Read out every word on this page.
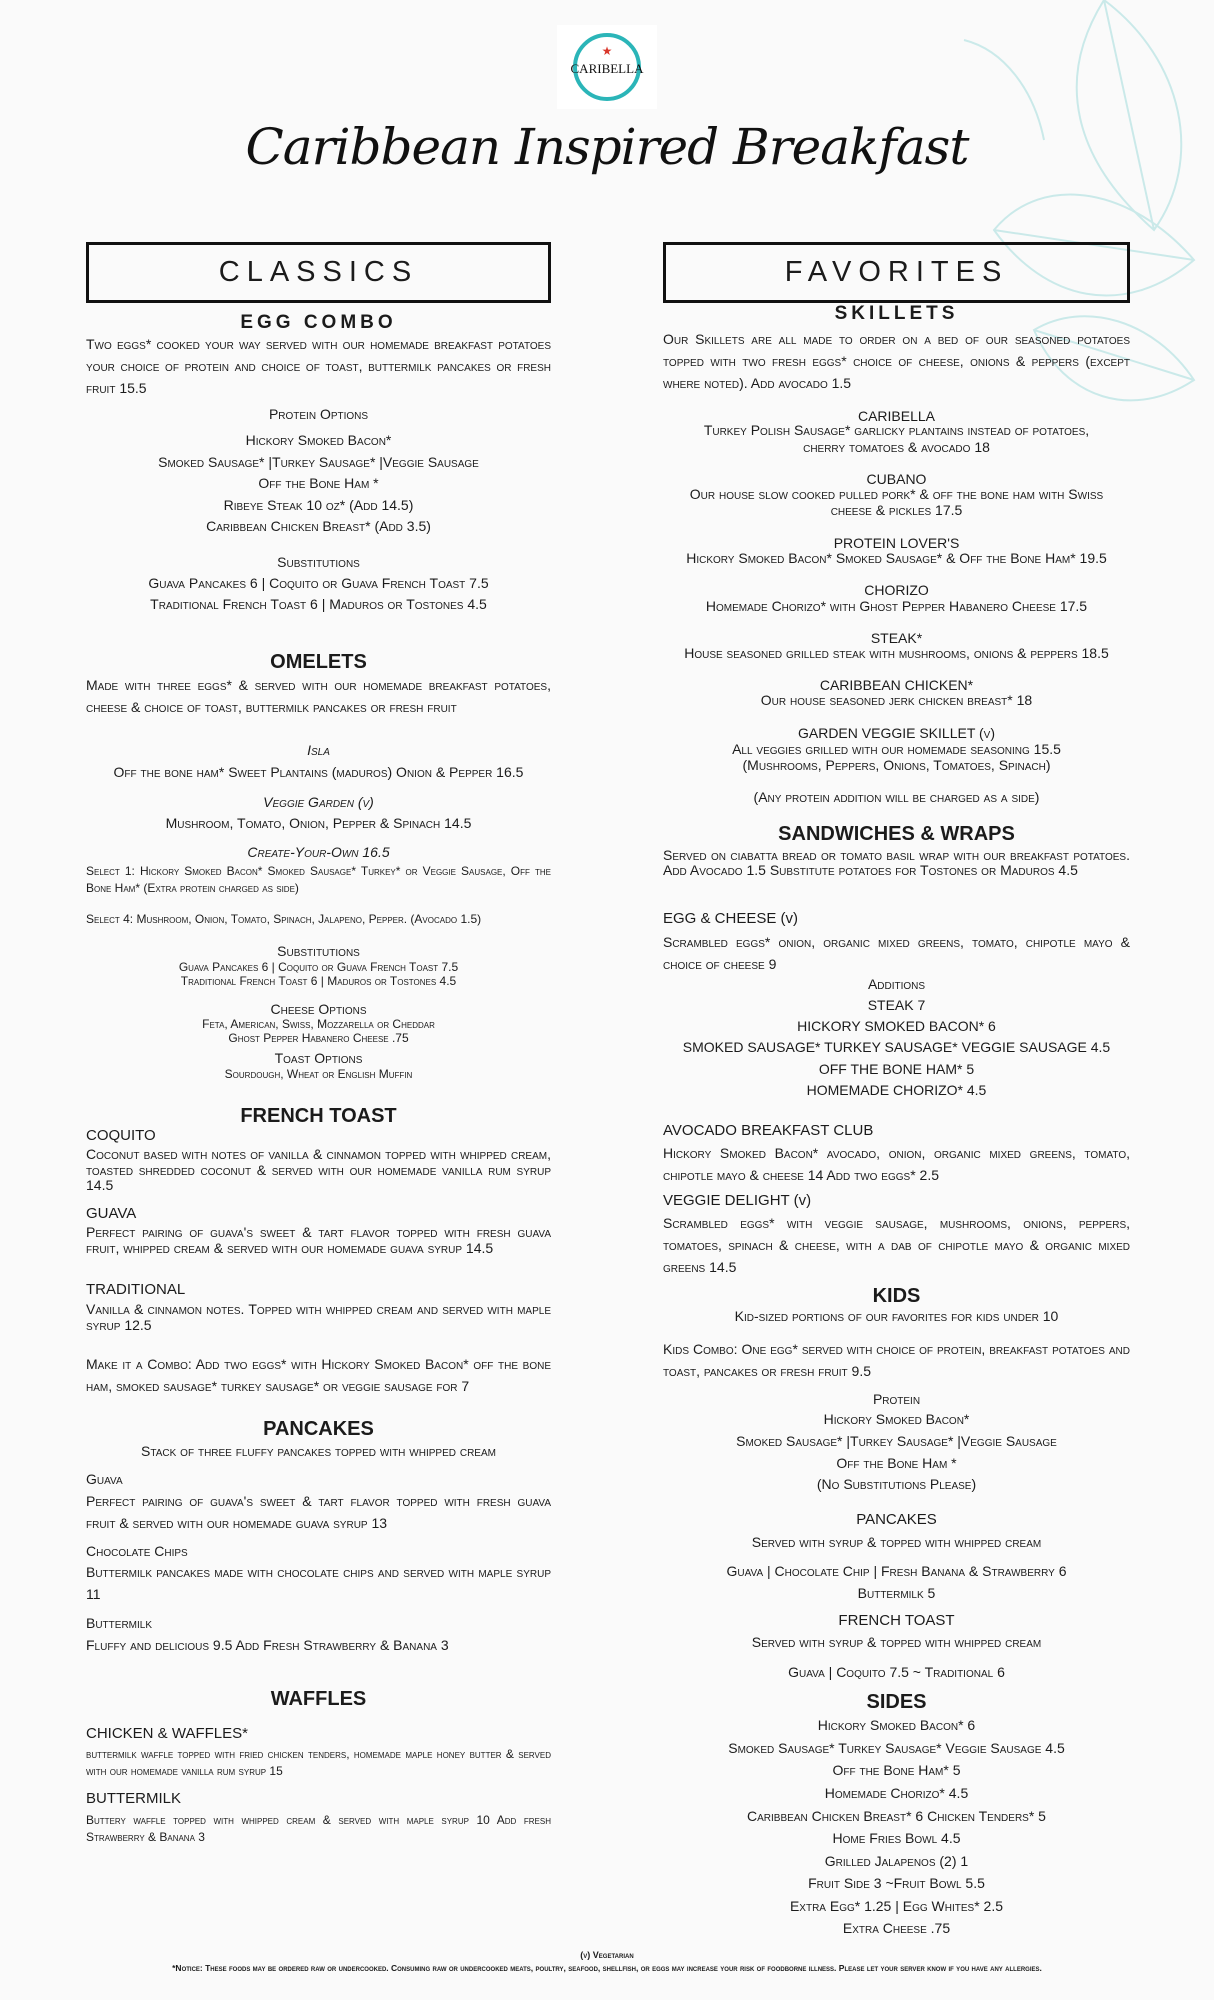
★
CARIBELLA
Caribbean Inspired Breakfast
CLASSICS
EGG COMBO
Two eggs* cooked your way served with our homemade breakfast potatoes your choice of protein and choice of toast, buttermilk pancakes or fresh fruit 15.5
Protein Options
Hickory Smoked Bacon*
Smoked Sausage* |Turkey Sausage* |Veggie Sausage
Off the Bone Ham *
Ribeye Steak 10 oz* (Add 14.5)
Caribbean Chicken Breast* (Add 3.5)
Substitutions
Guava Pancakes 6 | Coquito or Guava French Toast 7.5
Traditional French Toast 6 | Maduros or Tostones 4.5
OMELETS
Made with three eggs* & served with our homemade breakfast potatoes, cheese & choice of toast, buttermilk pancakes or fresh fruit
Isla
Off the bone ham* Sweet Plantains (maduros) Onion & Pepper 16.5
Veggie Garden (v)
Mushroom, Tomato, Onion, Pepper & Spinach 14.5
Create-Your-Own 16.5
Select 1: Hickory Smoked Bacon* Smoked Sausage* Turkey* or Veggie Sausage, Off the Bone Ham* (Extra protein charged as side)
Select 4: Mushroom, Onion, Tomato, Spinach, Jalapeno, Pepper. (Avocado 1.5)
Substitutions
Guava Pancakes 6 | Coquito or Guava French Toast 7.5
Traditional French Toast 6 | Maduros or Tostones 4.5
Cheese Options
Feta, American, Swiss, Mozzarella or Cheddar
Ghost Pepper Habanero Cheese .75
Toast Options
Sourdough, Wheat or English Muffin
FRENCH TOAST
COQUITO
Coconut based with notes of vanilla & cinnamon topped with whipped cream, toasted shredded coconut & served with our homemade vanilla rum syrup 14.5
GUAVA
Perfect pairing of guava's sweet & tart flavor topped with fresh guava fruit, whipped cream & served with our homemade guava syrup 14.5
TRADITIONAL
Vanilla & cinnamon notes. Topped with whipped cream and served with maple syrup 12.5
Make it a Combo: Add two eggs* with Hickory Smoked Bacon* off the bone ham, smoked sausage* turkey sausage* or veggie sausage for 7
PANCAKES
Stack of three fluffy pancakes topped with whipped cream
Guava
Perfect pairing of guava's sweet & tart flavor topped with fresh guava fruit & served with our homemade guava syrup 13
Chocolate Chips
Buttermilk pancakes made with chocolate chips and served with maple syrup 11
Buttermilk
Fluffy and delicious 9.5 Add Fresh Strawberry & Banana 3
WAFFLES
CHICKEN & WAFFLES*
buttermilk waffle topped with fried chicken tenders, homemade maple honey butter & served with our homemade vanilla rum syrup 15
BUTTERMILK
Buttery waffle topped with whipped cream & served with maple syrup 10 Add fresh Strawberry & Banana 3
FAVORITES
SKILLETS
Our Skillets are all made to order on a bed of our seasoned potatoes topped with two fresh eggs* choice of cheese, onions & peppers (except where noted). Add avocado 1.5
CARIBELLA
Turkey Polish Sausage* garlicky plantains instead of potatoes,
cherry tomatoes & avocado 18
CUBANO
Our house slow cooked pulled pork* & off the bone ham with Swiss
cheese & pickles 17.5
PROTEIN LOVER'S
Hickory Smoked Bacon* Smoked Sausage* & Off the Bone Ham* 19.5
CHORIZO
Homemade Chorizo* with Ghost Pepper Habanero Cheese 17.5
STEAK*
House seasoned grilled steak with mushrooms, onions & peppers 18.5
CARIBBEAN CHICKEN*
Our house seasoned jerk chicken breast* 18
GARDEN VEGGIE SKILLET (v)
All veggies grilled with our homemade seasoning 15.5
(Mushrooms, Peppers, Onions, Tomatoes, Spinach)
(Any protein addition will be charged as a side)
SANDWICHES & WRAPS
Served on ciabatta bread or tomato basil wrap with our breakfast potatoes. Add Avocado 1.5 Substitute potatoes for Tostones or Maduros 4.5
EGG & CHEESE (v)
Scrambled eggs* onion, organic mixed greens, tomato, chipotle mayo & choice of cheese 9
Additions
STEAK 7
HICKORY SMOKED BACON* 6
SMOKED SAUSAGE* TURKEY SAUSAGE* VEGGIE SAUSAGE 4.5
OFF THE BONE HAM* 5
HOMEMADE CHORIZO* 4.5
AVOCADO BREAKFAST CLUB
Hickory Smoked Bacon* avocado, onion, organic mixed greens, tomato, chipotle mayo & cheese 14 Add two eggs* 2.5
VEGGIE DELIGHT (v)
Scrambled eggs* with veggie sausage, mushrooms, onions, peppers, tomatoes, spinach & cheese, with a dab of chipotle mayo & organic mixed greens 14.5
KIDS
Kid-sized portions of our favorites for kids under 10
Kids Combo: One egg* served with choice of protein, breakfast potatoes and toast, pancakes or fresh fruit 9.5
Protein
Hickory Smoked Bacon*
Smoked Sausage* |Turkey Sausage* |Veggie Sausage
Off the Bone Ham *
(No Substitutions Please)
PANCAKES
Served with syrup & topped with whipped cream
Guava | Chocolate Chip | Fresh Banana & Strawberry 6
Buttermilk 5
FRENCH TOAST
Served with syrup & topped with whipped cream
Guava | Coquito 7.5 ~ Traditional 6
SIDES
Hickory Smoked Bacon* 6
Smoked Sausage* Turkey Sausage* Veggie Sausage 4.5
Off the Bone Ham* 5
Homemade Chorizo* 4.5
Caribbean Chicken Breast* 6 Chicken Tenders* 5
Home Fries Bowl 4.5
Grilled Jalapenos (2) 1
Fruit Side 3 ~Fruit Bowl 5.5
Extra Egg* 1.25 | Egg Whites* 2.5
Extra Cheese .75
(v) Vegetarian
*Notice: These foods may be ordered raw or undercooked. Consuming raw or undercooked meats, poultry, seafood, shellfish, or eggs may increase your risk of foodborne illness. Please let your server know if you have any allergies.
